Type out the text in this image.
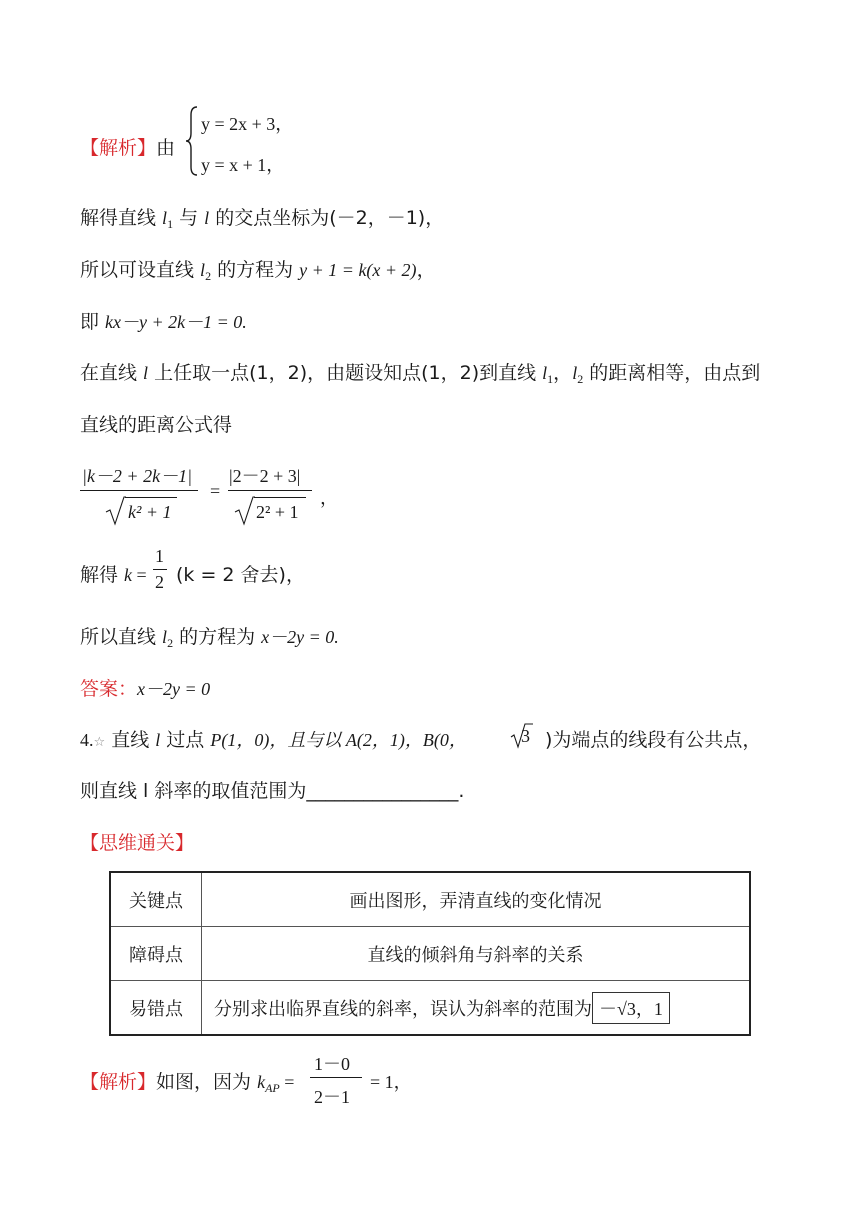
【解析】由
y = 2x + 3，
y = x + 1，
解得直线 $l_1$ 与 l 的交点坐标为(－2，－1)，
所以可设直线 $l_2$ 的方程为 y + 1 = k(x + 2)，
即 kx－y + 2k－1 = 0.
在直线 l 上任取一点(1，2)，由题设知点(1，2)到直线 $l_1$，$l_2$ 的距离相等，由点到
直线的距离公式得
|k－2 + 2k－1|
k² + 1
=
|2－2 + 3|
2² + 1
，
解得 k =
1
2 (k = 2 舍去)，
所以直线 $l_2$ 的方程为 x－2y = 0.
答案：x－2y = 0
4.☆ 直线 l 过点 P(1，0)，且与以 A(2，1)，B(0，	3 )为端点的线段有公共点，
则直线 l 斜率的取值范围为________________.
【思维通关】
关键点	画出图形，弄清直线的变化情况
障碍点	直线的倾斜角与斜率的关系
易错点	分别求出临界直线的斜率，误认为斜率的范围为 －√3，1
【解析】如图，因为 $k_{AP}$ =
1－0
2－1
= 1，
